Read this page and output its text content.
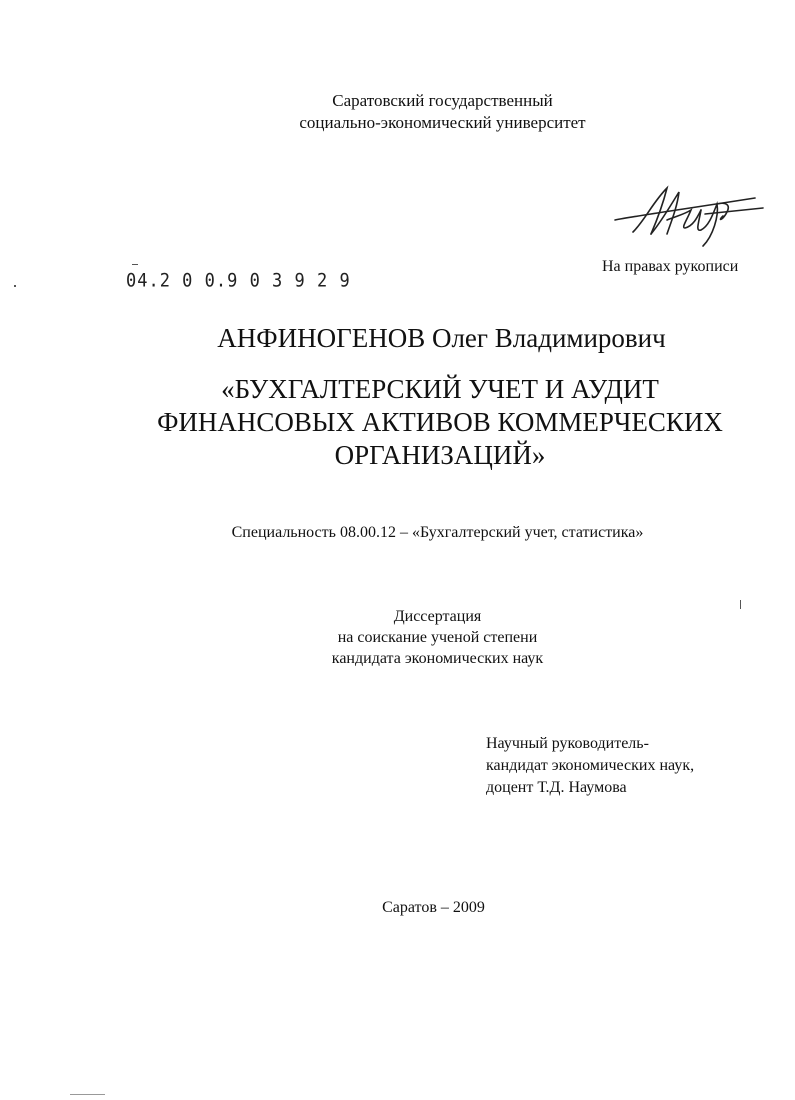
Саратовский государственный
социально-экономический университет
04.2 0 0.9 0 3 9 2 9
На правах рукописи
АНФИНОГЕНОВ Олег Владимирович
«БУХГАЛТЕРСКИЙ УЧЕТ И АУДИТ
ФИНАНСОВЫХ АКТИВОВ КОММЕРЧЕСКИХ
ОРГАНИЗАЦИЙ»
Специальность 08.00.12 – «Бухгалтерский учет, статистика»
Диссертация
на соискание ученой степени
кандидата экономических наук
Научный руководитель-
кандидат экономических наук,
доцент Т.Д. Наумова
Саратов – 2009
